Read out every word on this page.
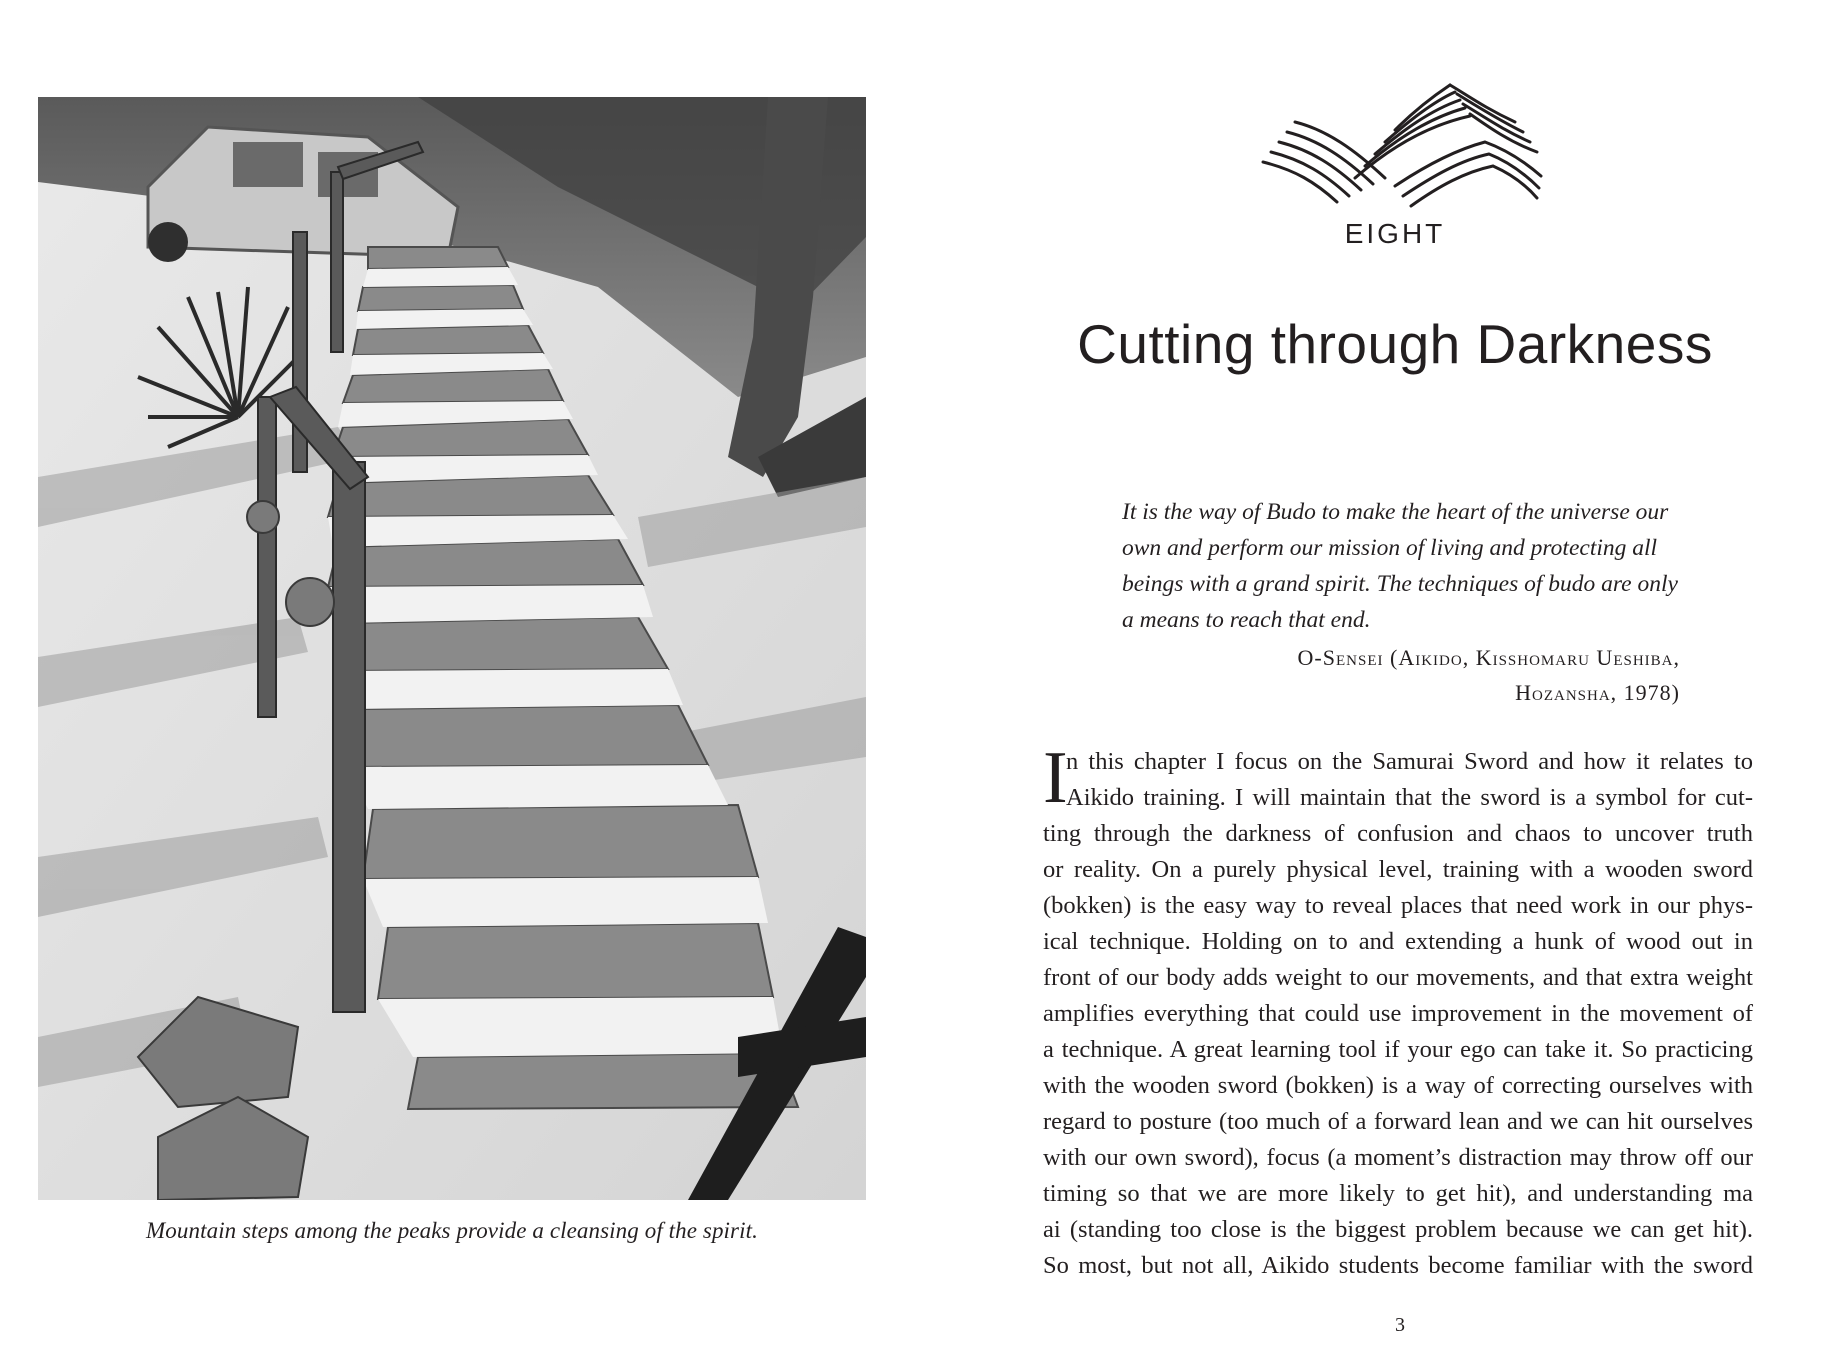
Mountain steps among the peaks provide a cleansing of the spirit.
EIGHT
Cutting through Darkness
It is the way of Budo to make the heart of the universe our
own and perform our mission of living and protecting all
beings with a grand spirit. The techniques of budo are only
a means to reach that end.
O-Sensei (Aikido, Kisshomaru Ueshiba,
Hozansha, 1978)
I
n this chapter I focus on the Samurai Sword and how it relates to
Aikido training. I will maintain that the sword is a symbol for cut-
ting through the darkness of confusion and chaos to uncover truth
or reality. On a purely physical level, training with a wooden sword
(bokken) is the easy way to reveal places that need work in our phys-
ical technique. Holding on to and extending a hunk of wood out in
front of our body adds weight to our movements, and that extra weight
amplifies everything that could use improvement in the movement of
a technique. A great learning tool if your ego can take it. So practicing
with the wooden sword (bokken) is a way of correcting ourselves with
regard to posture (too much of a forward lean and we can hit ourselves
with our own sword), focus (a moment’s distraction may throw off our
timing so that we are more likely to get hit), and understanding ma
ai (standing too close is the biggest problem because we can get hit).
So most, but not all, Aikido students become familiar with the sword
3
